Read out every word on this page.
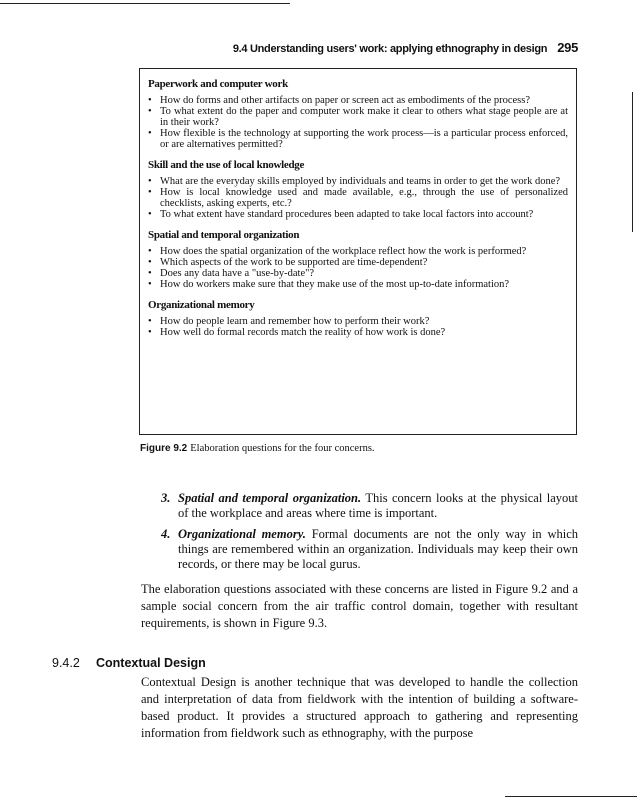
9.4 Understanding users' work: applying ethnography in design 295
Paperwork and computer work
• How do forms and other artifacts on paper or screen act as embodiments of the process?
• To what extent do the paper and computer work make it clear to others what stage people are at in their work?
• How flexible is the technology at supporting the work process—is a particular process enforced, or are alternatives permitted?
Skill and the use of local knowledge
• What are the everyday skills employed by individuals and teams in order to get the work done?
• How is local knowledge used and made available, e.g., through the use of personalized checklists, asking experts, etc.?
• To what extent have standard procedures been adapted to take local factors into account?
Spatial and temporal organization
• How does the spatial organization of the workplace reflect how the work is performed?
• Which aspects of the work to be supported are time-dependent?
• Does any data have a "use-by-date"?
• How do workers make sure that they make use of the most up-to-date information?
Organizational memory
• How do people learn and remember how to perform their work?
• How well do formal records match the reality of how work is done?
Figure 9.2 Elaboration questions for the four concerns.
3. Spatial and temporal organization. This concern looks at the physical layout of the workplace and areas where time is important.
4. Organizational memory. Formal documents are not the only way in which things are remembered within an organization. Individuals may keep their own records, or there may be local gurus.
The elaboration questions associated with these concerns are listed in Figure 9.2 and a sample social concern from the air traffic control domain, together with resultant requirements, is shown in Figure 9.3.
9.4.2 Contextual Design
Contextual Design is another technique that was developed to handle the collection and interpretation of data from fieldwork with the intention of building a software-based product. It provides a structured approach to gathering and representing information from fieldwork such as ethnography, with the purpose
